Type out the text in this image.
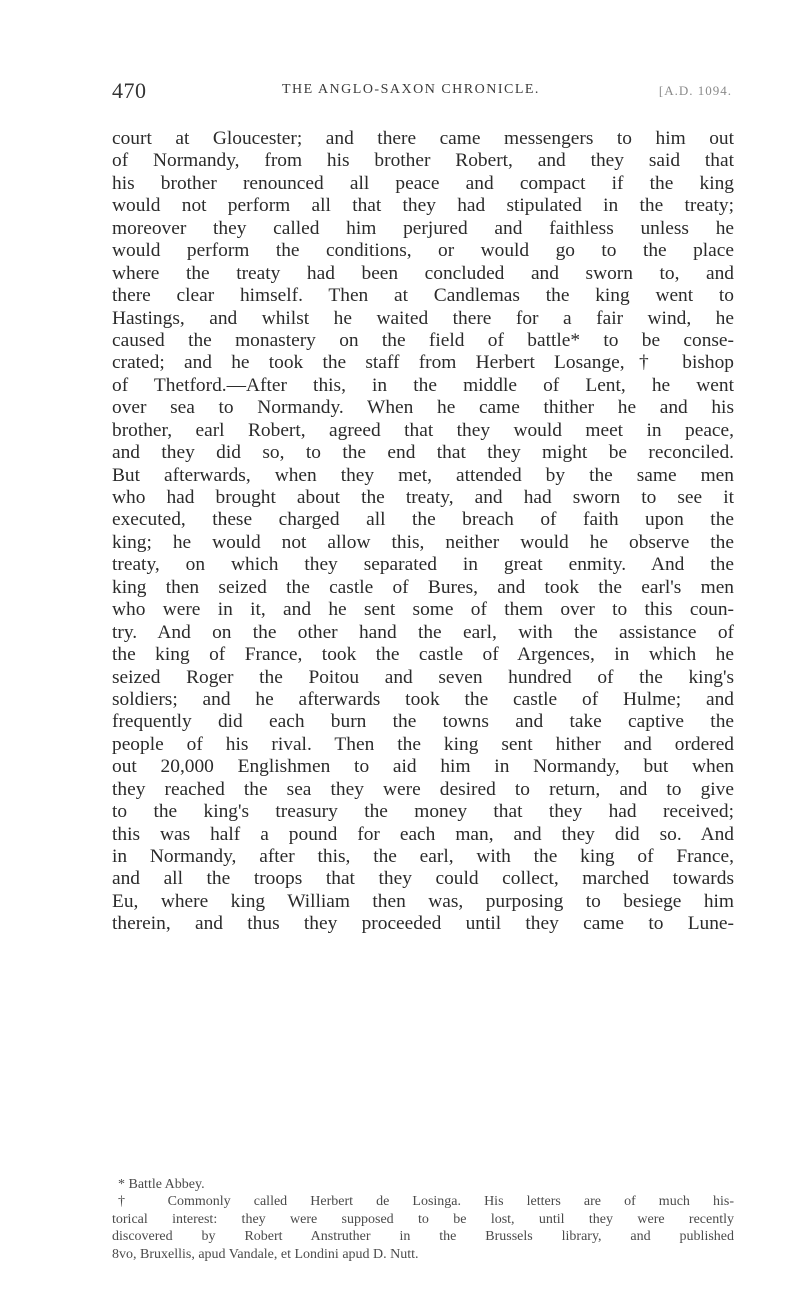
470	THE ANGLO-SAXON CHRONICLE.	[A.D. 1094.
court at Gloucester; and there came messengers to him out
of Normandy, from his brother Robert, and they said that
his brother renounced all peace and compact if the king
would not perform all that they had stipulated in the treaty;
moreover they called him perjured and faithless unless he
would perform the conditions, or would go to the place
where the treaty had been concluded and sworn to, and
there clear himself. Then at Candlemas the king went to
Hastings, and whilst he waited there for a fair wind, he
caused the monastery on the field of battle* to be conse-
crated; and he took the staff from Herbert Losange,† bishop
of Thetford.—After this, in the middle of Lent, he went
over sea to Normandy. When he came thither he and his
brother, earl Robert, agreed that they would meet in peace,
and they did so, to the end that they might be reconciled.
But afterwards, when they met, attended by the same men
who had brought about the treaty, and had sworn to see it
executed, these charged all the breach of faith upon the
king; he would not allow this, neither would he observe the
treaty, on which they separated in great enmity. And the
king then seized the castle of Bures, and took the earl's men
who were in it, and he sent some of them over to this coun-
try. And on the other hand the earl, with the assistance of
the king of France, took the castle of Argences, in which he
seized Roger the Poitou and seven hundred of the king's
soldiers; and he afterwards took the castle of Hulme; and
frequently did each burn the towns and take captive the
people of his rival. Then the king sent hither and ordered
out 20,000 Englishmen to aid him in Normandy, but when
they reached the sea they were desired to return, and to give
to the king's treasury the money that they had received;
this was half a pound for each man, and they did so. And
in Normandy, after this, the earl, with the king of France,
and all the troops that they could collect, marched towards
Eu, where king William then was, purposing to besiege him
therein, and thus they proceeded until they came to Lune-
* Battle Abbey.
† Commonly called Herbert de Losinga. His letters are of much his-
torical interest: they were supposed to be lost, until they were recently
discovered by Robert Anstruther in the Brussels library, and published
8vo, Bruxellis, apud Vandale, et Londini apud D. Nutt.
